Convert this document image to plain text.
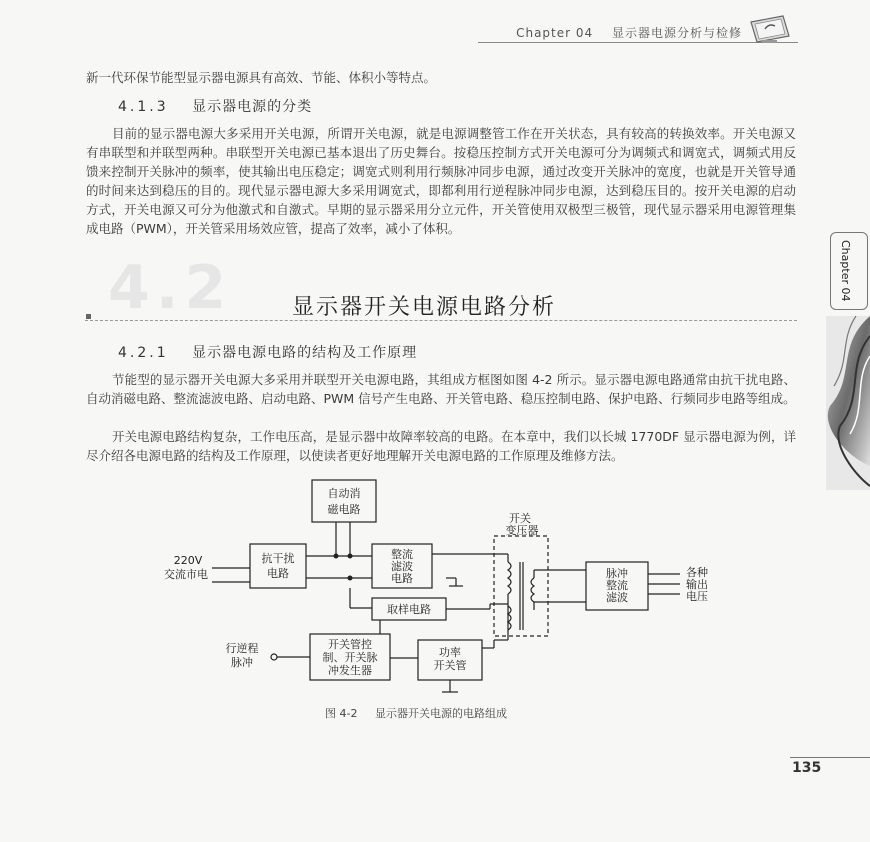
Chapter 04 显示器电源分析与检修

新一代环保节能型显示器电源具有高效、节能、体积小等特点。

4.1.3 显示器电源的分类

目前的显示器电源大多采用开关电源，所谓开关电源，就是电源调整管工作在开关状态，具有较高的转换效率。开关电源又有串联型和并联型两种。串联型开关电源已基本退出了历史舞台。按稳压控制方式开关电源可分为调频式和调宽式，调频式用反馈来控制开关脉冲的频率，使其输出电压稳定；调宽式则利用行频脉冲同步电源，通过改变开关脉冲的宽度，也就是开关管导通的时间来达到稳压的目的。现代显示器电源大多采用调宽式，即都利用行逆程脉冲同步电源，达到稳压目的。按开关电源的启动方式，开关电源又可分为他激式和自激式。早期的显示器采用分立元件，开关管使用双极型三极管，现代显示器采用电源管理集成电路（PWM），开关管采用场效应管，提高了效率，减小了体积。

4.2	显示器开关电源电路分析
4.2.1 显示器电源电路的结构及工作原理

节能型的显示器开关电源大多采用并联型开关电源电路，其组成方框图如图 4-2 所示。显示器电源电路通常由抗干扰电路、自动消磁电路、整流滤波电路、启动电路、PWM 信号产生电路、开关管电路、稳压控制电路、保护电路、行频同步电路等组成。

开关电源电路结构复杂，工作电压高，是显示器中故障率较高的电路。在本章中，我们以长城 1770DF 显示器电源为例，详尽介绍各电源电路的结构及工作原理，以使读者更好地理解开关电源电路的工作原理及维修方法。

220V
交流市电
自动消
磁电路
抗干扰
电路
整流
滤波
电路
开关
变压器
取样电路
脉冲
整流
滤波
各种
输出
电压
行逆程
脉冲
开关管控
制、开关脉
冲发生器
功率
开关管
图 4-2 显示器开关电源的电路组成
Chapter 04
135
